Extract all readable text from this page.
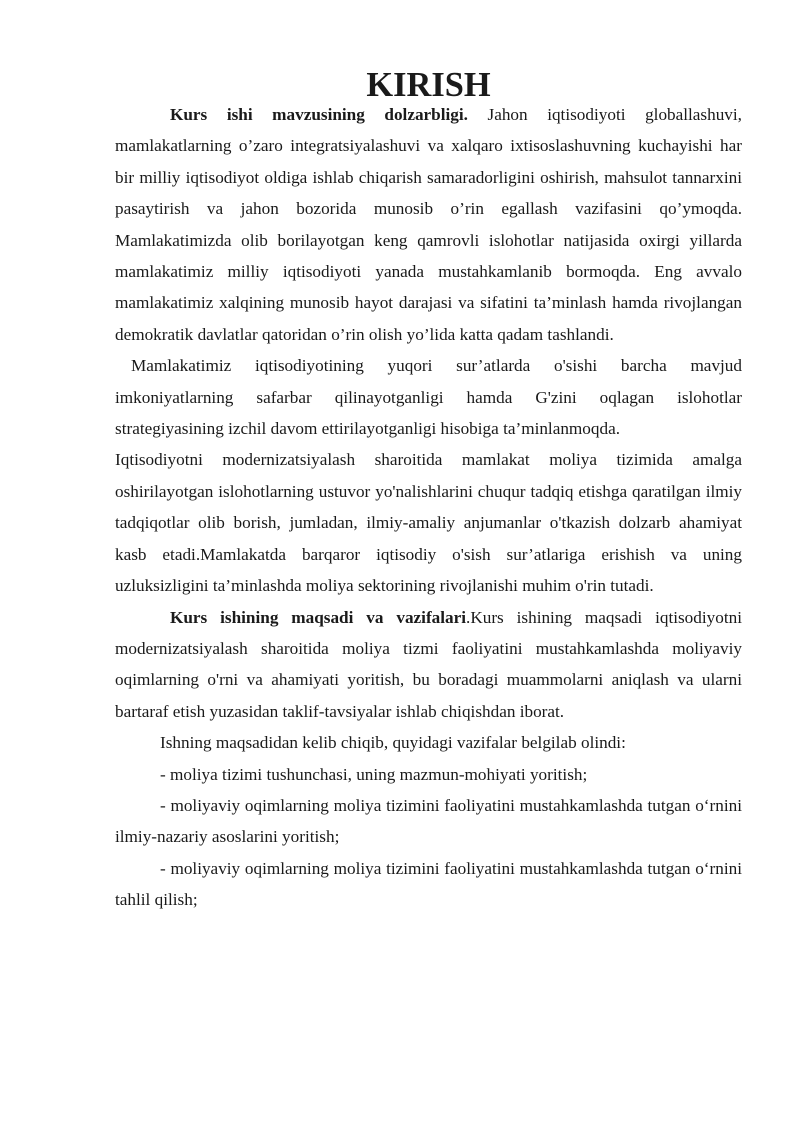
KIRISH

Kurs ishi mavzusining dolzarbligi. Jahon iqtisodiyoti globallashuvi, mamlakatlarning o’zaro integratsiyalashuvi va xalqaro ixtisoslashuvning kuchayishi har bir milliy iqtisodiyot oldiga ishlab chiqarish samaradorligini oshirish, mahsulot tannarxini pasaytirish va jahon bozorida munosib o’rin egallash vazifasini qo’ymoqda. Mamlakatimizda olib borilayotgan keng qamrovli islohotlar natijasida oxirgi yillarda mamlakatimiz milliy iqtisodiyoti yanada mustahkamlanib bormoqda. Eng avvalo mamlakatimiz xalqining munosib hayot darajasi va sifatini ta’minlash hamda rivojlangan demokratik davlatlar qatoridan o’rin olish yo’lida katta qadam tashlandi.

Mamlakatimiz iqtisodiyotining yuqori sur’atlarda o'sishi barcha mavjud imkoniyatlarning safarbar qilinayotganligi hamda G'zini oqlagan islohotlar strategiyasining izchil davom ettirilayotganligi hisobiga ta’minlanmoqda.

Iqtisodiyotni modernizatsiyalash sharoitida mamlakat moliya tizimida amalga oshirilayotgan islohotlarning ustuvor yo'nalishlarini chuqur tadqiq etishga qaratilgan ilmiy tadqiqotlar olib borish, jumladan, ilmiy-amaliy anjumanlar o'tkazish dolzarb ahamiyat kasb etadi.Mamlakatda barqaror iqtisodiy o'sish sur’atlariga erishish va uning uzluksizligini ta’minlashda moliya sektorining rivojlanishi muhim o'rin tutadi.

Kurs ishining maqsadi va vazifalari.Kurs ishining maqsadi iqtisodiyotni modernizatsiyalash sharoitida moliya tizmi faoliyatini mustahkamlashda moliyaviy oqimlarning o'rni va ahamiyati yoritish, bu boradagi muammolarni aniqlash va ularni bartaraf etish yuzasidan taklif-tavsiyalar ishlab chiqishdan iborat.

Ishning maqsadidan kelib chiqib, quyidagi vazifalar belgilab olindi:

- moliya tizimi tushunchasi, uning mazmun-mohiyati yoritish;

- moliyaviy oqimlarning moliya tizimini faoliyatini mustahkamlashda tutgan o‘rnini ilmiy-nazariy asoslarini yoritish;

- moliyaviy oqimlarning moliya tizimini faoliyatini mustahkamlashda tutgan o‘rnini tahlil qilish;
